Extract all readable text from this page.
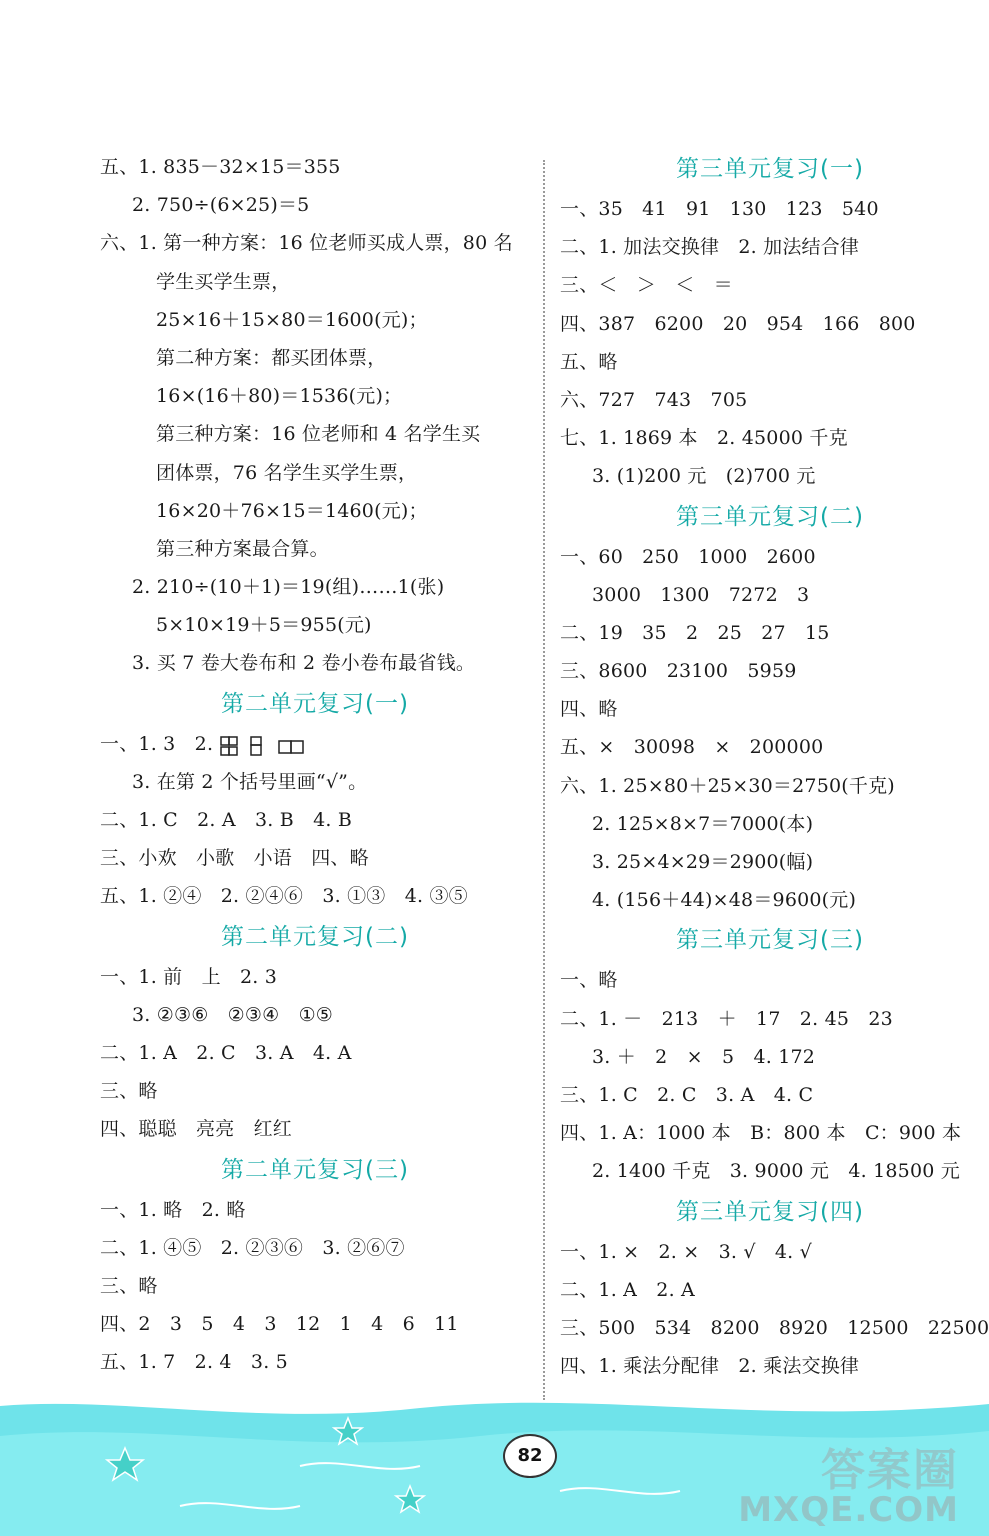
五、1. 835－32×15＝355
2. 750÷(6×25)＝5
六、1. 第一种方案：16 位老师买成人票，80 名
学生买学生票，
25×16＋15×80＝1600(元)；
第二种方案：都买团体票，
16×(16＋80)＝1536(元)；
第三种方案：16 位老师和 4 名学生买
团体票，76 名学生买学生票，
16×20＋76×15＝1460(元)；
第三种方案最合算。
2. 210÷(10＋1)＝19(组)……1(张)
5×10×19＋5＝955(元)
3. 买 7 卷大卷布和 2 卷小卷布最省钱。
第二单元复习(一)
一、1. 3　2.
3. 在第 2 个括号里画“√”。
二、1. C　2. A　3. B　4. B
三、小欢　小歌　小语　四、略
五、1. ②④　2. ②④⑥　3. ①③　4. ③⑤
第二单元复习(二)
一、1. 前　上　2. 3
3. ②③⑥　②③④　①⑤
二、1. A　2. C　3. A　4. A
三、略
四、聪聪　亮亮　红红
第二单元复习(三)
一、1. 略　2. 略
二、1. ④⑤　2. ②③⑥　3. ②⑥⑦
三、略
四、2　3　5　4　3　12　1　4　6　11
五、1. 7　2. 4　3. 5
第三单元复习(一)
一、35　41　91　130　123　540
二、1. 加法交换律　2. 加法结合律
三、＜　＞　＜　＝
四、387　6200　20　954　166　800
五、略
六、727　743　705
七、1. 1869 本　2. 45000 千克
3. (1)200 元　(2)700 元
第三单元复习(二)
一、60　250　1000　2600
3000　1300　7272　3
二、19　35　2　25　27　15
三、8600　23100　5959
四、略
五、×　30098　×　200000
六、1. 25×80＋25×30＝2750(千克)
2. 125×8×7＝7000(本)
3. 25×4×29＝2900(幅)
4. (156＋44)×48＝9600(元)
第三单元复习(三)
一、略
二、1. －　213　＋　17　2. 45　23
3. ＋　2　×　5　4. 172
三、1. C　2. C　3. A　4. C
四、1. A：1000 本　B：800 本　C：900 本
2. 1400 千克　3. 9000 元　4. 18500 元
第三单元复习(四)
一、1. ×　2. ×　3. √　4. √
二、1. A　2. A
三、500　534　8200　8920　12500　22500
四、1. 乘法分配律　2. 乘法交换律
82	答案圈
MXQE.COM
